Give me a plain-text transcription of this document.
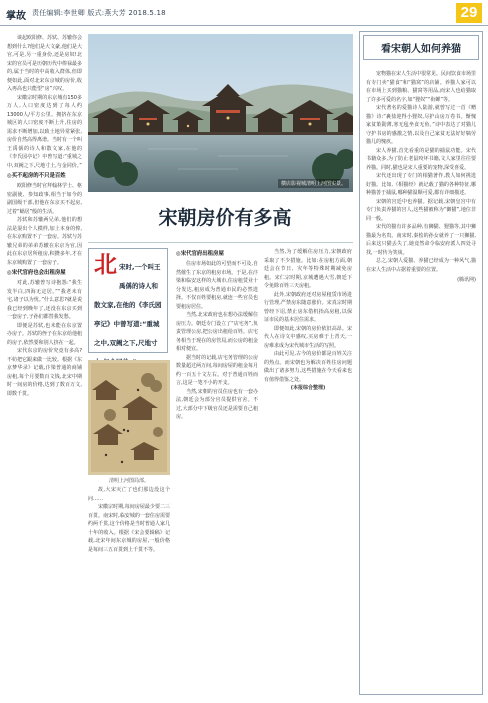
掌故 责任编辑:李世卿 版式:燕大芳 2018.5.18	29

谈起欧阳修、苏轼、苏辙你会想到什么?他们是大文豪,他们是大官,可是,另一重身份,还是房奴!北宋的官员可是历朝历代中俸禄最多的,属于当时的中高收入群体,但即便如此,面对北宋东京城的房价,收入再高也只能望“房”兴叹。

宋徽宗时期的东京城有150多万人,人口密度达到了每人约13000人/平方公里。拥挤在东京城区的人口密度不断上升,住房的需求不断增加,以致土地异常紧张,房价自然高得离谱。当时有一个叫王禹偁的诗人和散文家,在他的《李氏园亭记》中曾写道:“重城之中,双阙之下,尺地寸土,与金同价。”

◎买不起房的不只是百姓

欧阳修当时官拜翰林学士、枢密副使、参知政事,相当于如今的副国级干部,但他在东京买不起房,过着“蜗居”般的生活。

苏轼和苏辙两兄弟,他们的想法是混出个人模样,加上本身的俸,在东京购置不了一套房。苏轼与苏辙兄弟的弟弟苏辙在东京为官,因此在东京居所租房,积攒多年,才在东京城购置了一套房子。

◎宋代官府也会出租房屋

对此,苏辙曾写诗抱怨:“我生发半白,四海无定居。”“我老未有宅,诸子以为忧。”什么意思?就是说我已经到晚年了,还没在东京买到一套房子,子孙们都替我发愁。

即便是苏轼,也未能在东京置办房子。苏轼的侄子在东京给他租的房子,依然要和别人挤在一起。

宋代东京的房价究竟有多高?不妨把它跟来做一比较。根据《东京梦华录》记载,汴梁普通的商铺房租,每个月要数百文钱,北宋中期时一间房的价格,达到了数百万文,即数千贯。

横店影视城清明上河图实景。
宋朝房价有多高
北 宋时,一个叫王禹偁的诗人和散文家,在他的《李氏园亭记》中曾写道:“重城之中,双阙之下,尺地寸
清明上河图局部。

故,大宋灭亡了也们那边没这个问……

宋徽宗时期,每间房屋最少要二三百贯。南宋时,临安城的一套住房需要约两千贯,这个价格是当时普通人家几十年的收入。根据《宋会要辑稿》记载,北宋年间东京城的房屋,一般价格是每间三五百贯到上千贯不等。

◎宋代官府出租房屋

住房市场如此的可望而不可及,自然催生了东京的租房市场。于是,在汴梁和临安这样的大城市,住房租赁业十分发达,租房成为普通市民的必然选择。不仅百姓要租房,就连一些官员也要租房居住。

当然,北宋政府也在想办法缓解住房压力。朝廷专门设立了“店宅务”,负责管理公房,把公房出租给百姓。店宅务相当于现在的房管局,而公房的租金相对便宜。

据当时的记载,店宅务管理的公房数量超过两万间,每间房屋的租金每月约一百五十文左右。对于普通百姓而言,这是一笔不小的开支。

当然,宋朝的官员住房也有一套办法,朝廷会为部分官员提供官舍。不过,大部分中下级官员还是需要自己租房。

当然,为了缓解住房压力,宋朝政府采取了不少措施。比如:在房租方面,朝廷会在节日、灾年等特殊时期减免房租。宋仁宗时期,京城遭遇大雪,朝廷下令免除百姓三天房租。

此外,宋朝政府还对房屋租赁市场进行管理,严禁房东随意涨价。宋真宗时期曾经下诏,禁止房东借机抬高房租,以保证市民的基本居住需求。

即便如此,宋朝的房价依旧高昂。宋代人在诗文中感叹,买房难于上青天,一房难求成为宋代城市生活的写照。

由此可见,古今的房价都是百姓关注的热点。而宋朝也为解决百姓住房问题做出了诸多努力,这些措施在今天看来也有值得借鉴之处。

(本报综合整理)
看宋朝人如何养猫

宠物猫在宋人生活中很常见。民间饮食市场里有专门卖“猫食”和“猫窝”的店铺。养猫人家可以在市场上买到猫粮、猫窝等用品,而宋人也给猫取了许多可爱的名字,如“狸奴”“衔蝉”等。

宋代著名的爱猫诗人陆游,就曾写过一首《赠猫》诗:“裹盐迎得小狸奴,尽护山房万卷书。惭愧家贫策勋薄,寒无毡坐食无鱼。”诗中表达了对猫儿守护书房的感激之情,以及自己家贫无法好好犒劳猫儿的愧疚。

宋人养猫,首先看重的是猫的捕鼠功能。宋代书籍众多,为了防止老鼠咬坏书籍,文人家里往往要养猫。同时,猫也是宋人重要的宠物,深受喜爱。

宋代还出现了专门的相猫著作,教人如何挑选好猫。比如,《相猫经》就记载了猫的各种特征,哪种猫善于捕鼠,哪种猫温顺可爱,都有详细描述。

宋朝的宫廷中也养猫。据记载,宋朝皇宫中有专门负责养猫的宫人,这些猫被称为“御猫”,地位非同一般。

宋代的猫有许多品种,有狮猫、狸猫等,其中狮猫最为名贵。南宋时,秦桧的孙女就养了一只狮猫,后来这只猫丢失了,她竟然命令临安府派人四处寻找,一时传为笑谈。

总之,宋朝人爱猫、养猫已经成为一种风气,猫在宋人生活中占据着重要的位置。

(腾讯网)
